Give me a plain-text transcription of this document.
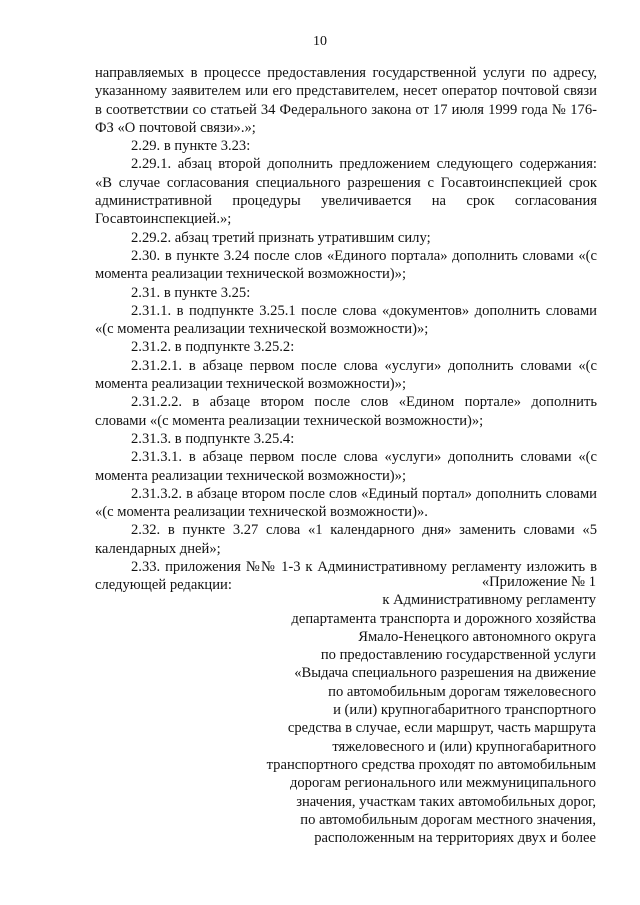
10

направляемых в процессе предоставления государственной услуги по адресу, указанному заявителем или его представителем, несет оператор почтовой связи в соответствии со статьей 34 Федерального закона от 17 июля 1999 года № 176-ФЗ «О почтовой связи».»;

2.29. в пункте 3.23:

2.29.1. абзац второй дополнить предложением следующего содержания: «В случае согласования специального разрешения с Госавтоинспекцией срок административной процедуры увеличивается на срок согласования Госавтоинспекцией.»;

2.29.2. абзац третий признать утратившим силу;

2.30. в пункте 3.24 после слов «Единого портала» дополнить словами «(с момента реализации технической возможности)»;

2.31. в пункте 3.25:

2.31.1. в подпункте 3.25.1 после слова «документов» дополнить словами «(с момента реализации технической возможности)»;

2.31.2. в подпункте 3.25.2:

2.31.2.1. в абзаце первом после слова «услуги» дополнить словами «(с момента реализации технической возможности)»;

2.31.2.2. в абзаце втором после слов «Едином портале» дополнить словами «(с момента реализации технической возможности)»;

2.31.3. в подпункте 3.25.4:

2.31.3.1. в абзаце первом после слова «услуги» дополнить словами «(с момента реализации технической возможности)»;

2.31.3.2. в абзаце втором после слов «Единый портал» дополнить словами «(с момента реализации технической возможности)».

2.32. в пункте 3.27 слова «1 календарного дня» заменить словами «5 календарных дней»;

2.33. приложения №№ 1-3 к Административному регламенту изложить в следующей редакции:	«Приложение № 1
к Административному регламенту
департамента транспорта и дорожного хозяйства
Ямало-Ненецкого автономного округа
по предоставлению государственной услуги
«Выдача специального разрешения на движение
по автомобильным дорогам тяжеловесного
и (или) крупногабаритного транспортного
средства в случае, если маршрут, часть маршрута
тяжеловесного и (или) крупногабаритного
транспортного средства проходят по автомобильным
дорогам регионального или межмуниципального
значения, участкам таких автомобильных дорог,
по автомобильным дорогам местного значения,
расположенным на территориях двух и более
